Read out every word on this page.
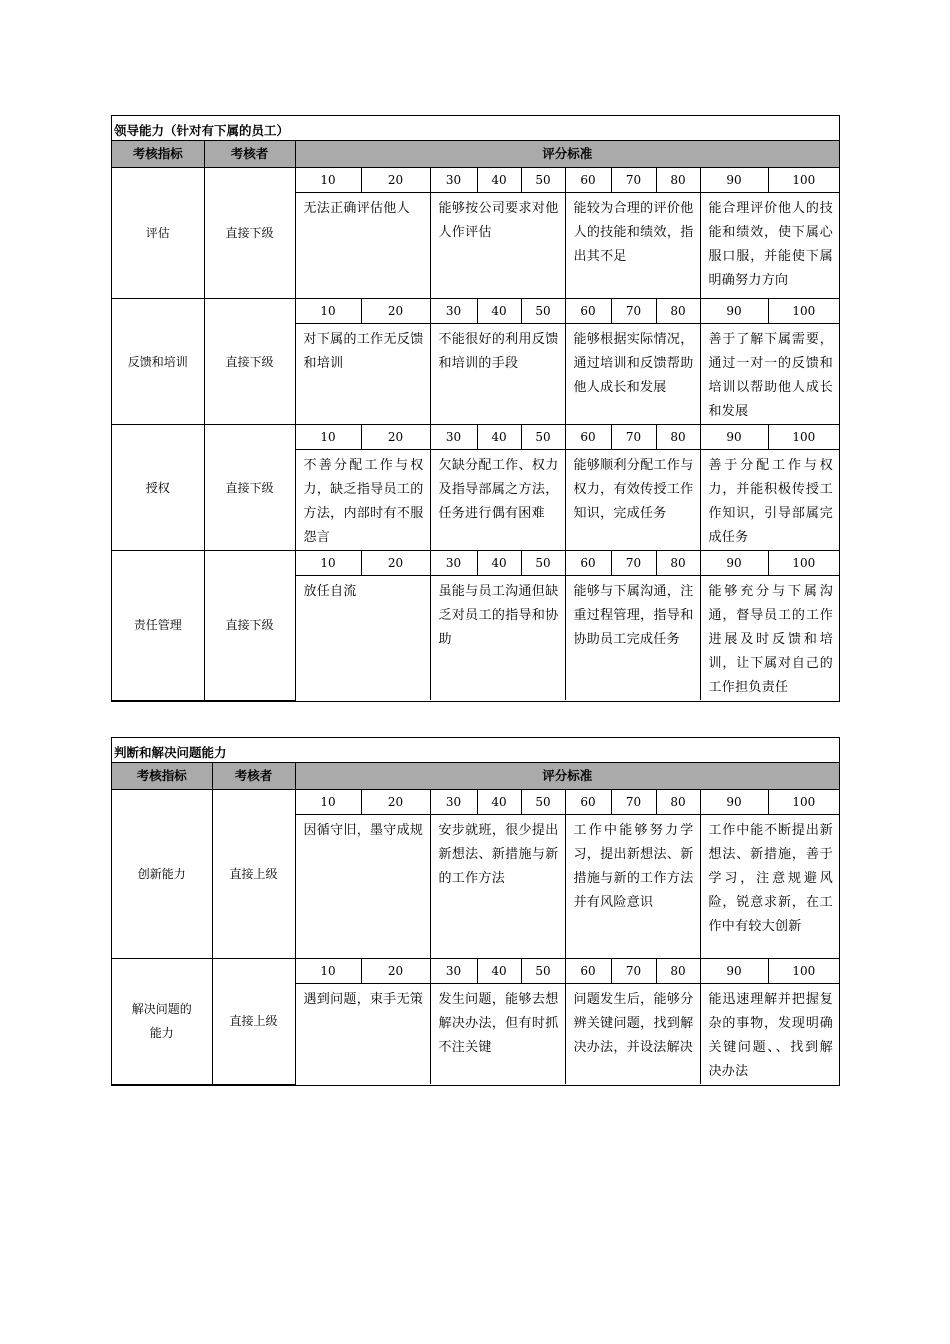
领导能力（针对有下属的员工）
考核指标	考核者	评分标准									
评估	直接下级	10	20	30	40	50	60	70	80	90	100
		无法正确评估他人		能够按公司要求对他人作评估			能较为合理的评价他人的技能和绩效，指出其不足			能合理评价他人的技能和绩效，使下属心服口服，并能使下属明确努力方向	
反馈和培训	直接下级	10	20	30	40	50	60	70	80	90	100
		对下属的工作无反馈和培训		不能很好的利用反馈和培训的手段			能够根据实际情况，通过培训和反馈帮助他人成长和发展			善于了解下属需要，通过一对一的反馈和培训以帮助他人成长和发展	
授权	直接下级	10	20	30	40	50	60	70	80	90	100
		不善分配工作与权力，缺乏指导员工的方法，内部时有不服怨言		欠缺分配工作、权力及指导部属之方法，任务进行偶有困难			能够顺利分配工作与权力，有效传授工作知识，完成任务			善于分配工作与权力，并能积极传授工作知识，引导部属完成任务	
责任管理	直接下级	10	20	30	40	50	60	70	80	90	100
		放任自流		虽能与员工沟通但缺乏对员工的指导和协助			能够与下属沟通，注重过程管理，指导和协助员工完成任务			能够充分与下属沟通，督导员工的工作进展及时反馈和培训，让下属对自己的工作担负责任	
判断和解决问题能力
考核指标	考核者	评分标准									
创新能力	直接上级	10	20	30	40	50	60	70	80	90	100
		因循守旧，墨守成规		安步就班，很少提出新想法、新措施与新的工作方法			工作中能够努力学习，提出新想法、新措施与新的工作方法并有风险意识			工作中能不断提出新想法、新措施，善于学习，注意规避风险，锐意求新，在工作中有较大创新	
解决问题的能力	直接上级	10	20	30	40	50	60	70	80	90	100
		遇到问题，束手无策		发生问题，能够去想解决办法，但有时抓不注关键			问题发生后，能够分辨关键问题，找到解决办法，并设法解决			能迅速理解并把握复杂的事物，发现明确关键问题、、找到解决办法	
